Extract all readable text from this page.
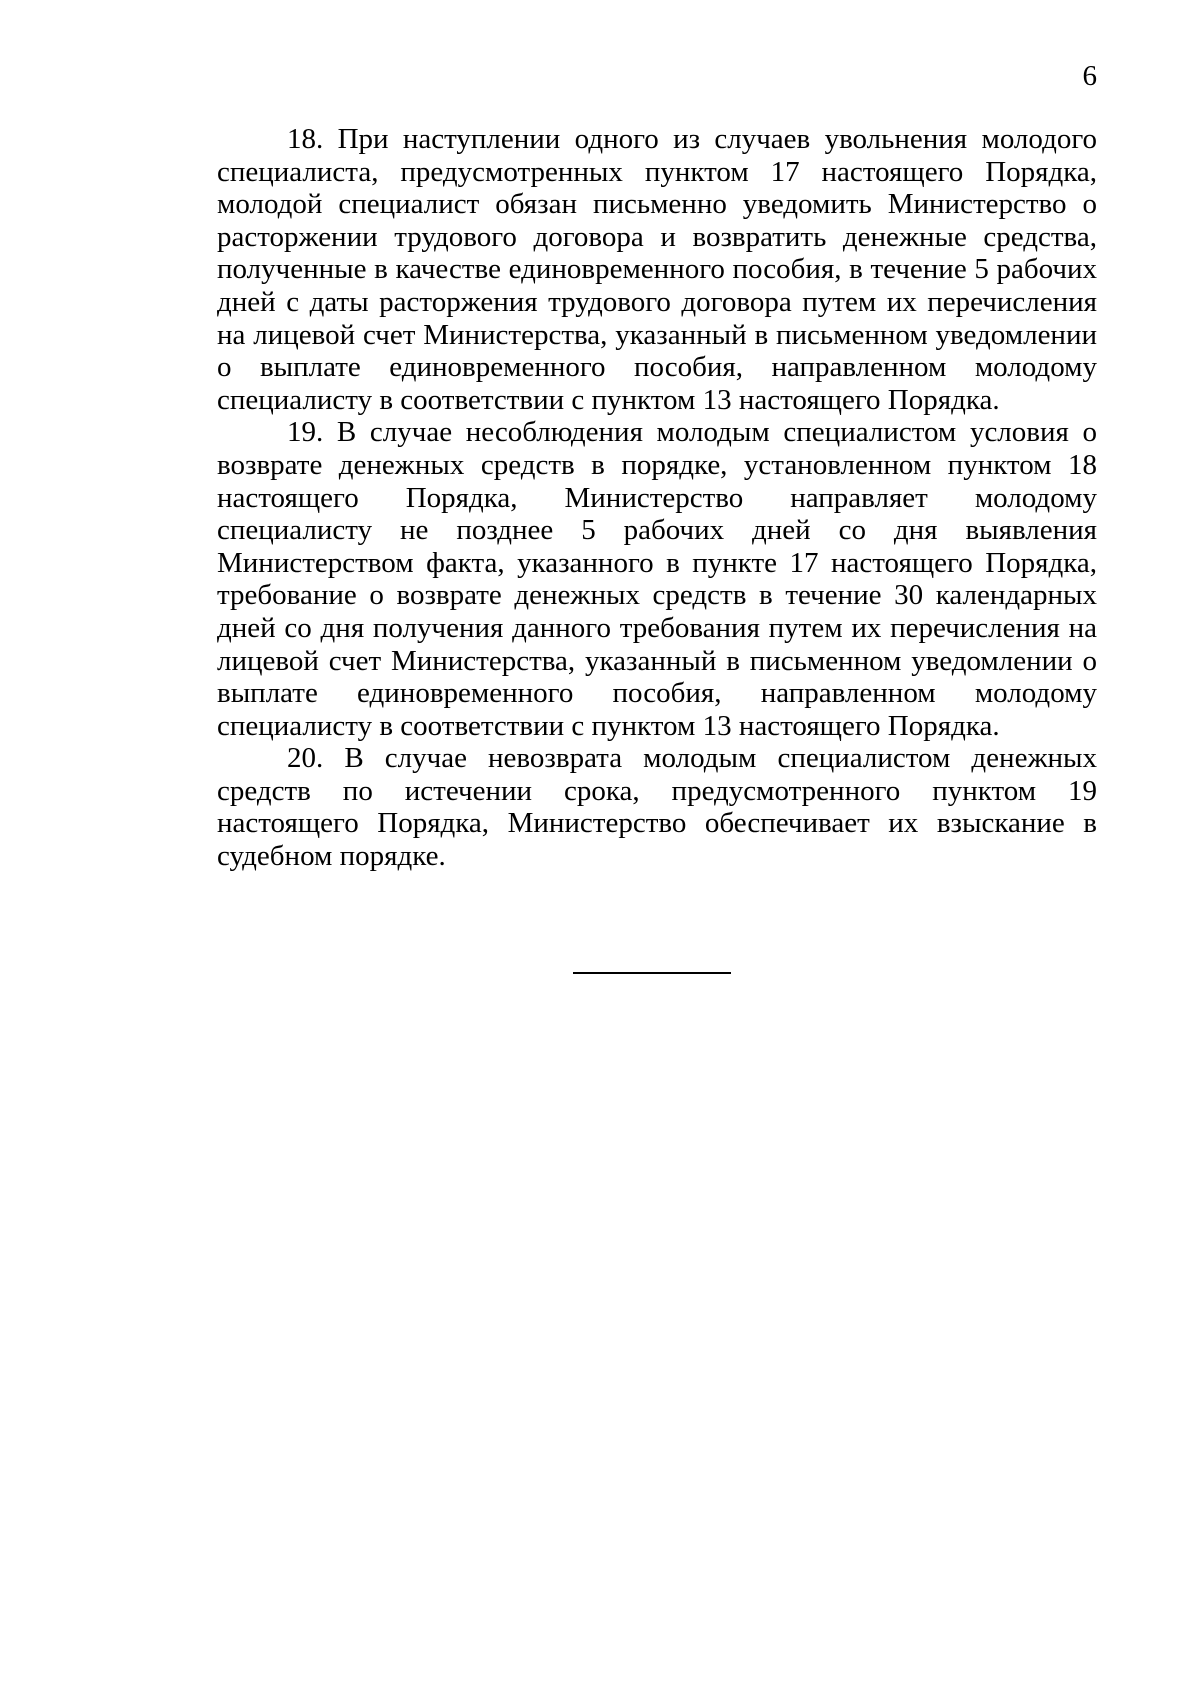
6

18. При наступлении одного из случаев увольнения молодого специалиста, предусмотренных пунктом 17 настоящего Порядка, молодой специалист обязан письменно уведомить Министерство о расторжении трудового договора и возвратить денежные средства, полученные в качестве единовременного пособия, в течение 5 рабочих дней с даты расторжения трудового договора путем их перечисления на лицевой счет Министерства, указанный в письменном уведомлении о выплате единовременного пособия, направленном молодому специалисту в соответствии с пунктом 13 настоящего Порядка.

19. В случае несоблюдения молодым специалистом условия о возврате денежных средств в порядке, установленном пунктом 18 настоящего Порядка, Министерство направляет молодому специалисту не позднее 5 рабочих дней со дня выявления Министерством факта, указанного в пункте 17 настоящего Порядка, требование о возврате денежных средств в течение 30 календарных дней со дня получения данного требования путем их перечисления на лицевой счет Министерства, указанный в письменном уведомлении о выплате единовременного пособия, направленном молодому специалисту в соответствии с пунктом 13 настоящего Порядка.

20. В случае невозврата молодым специалистом денежных средств по истечении срока, предусмотренного пунктом 19 настоящего Порядка, Министерство обеспечивает их взыскание в судебном порядке.
